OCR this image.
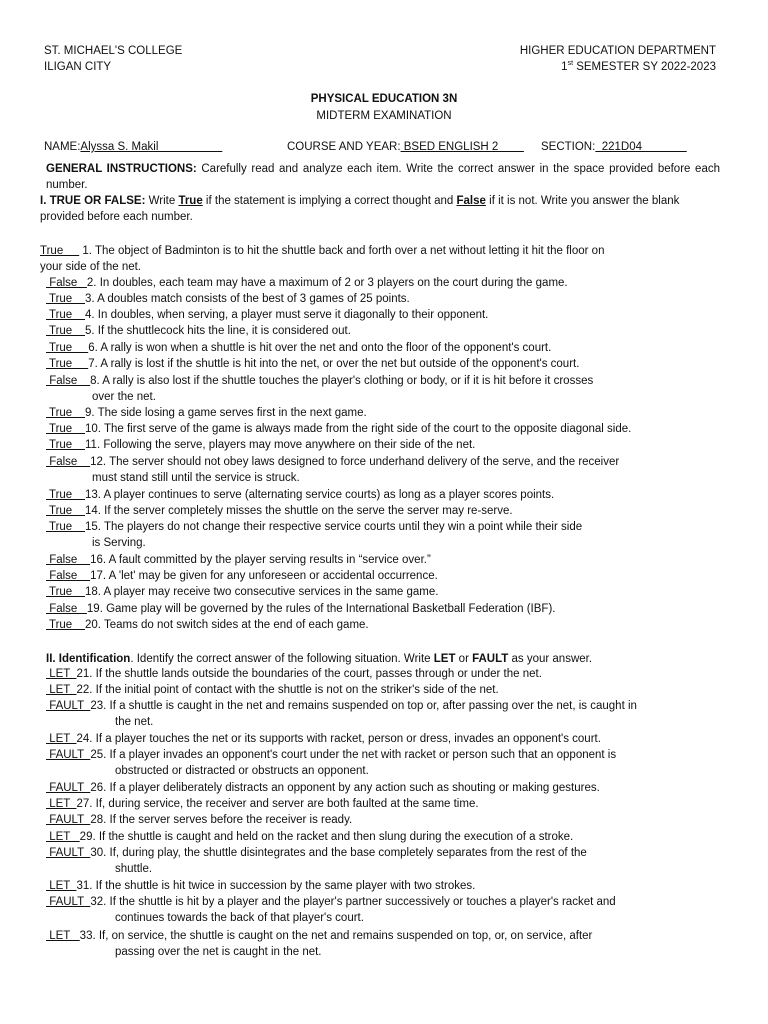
ST. MICHAEL'S COLLEGE
ILIGAN CITY
HIGHER EDUCATION DEPARTMENT
1st SEMESTER SY 2022-2023
PHYSICAL EDUCATION 3N
MIDTERM EXAMINATION
NAME:Alyssa S. Makil	COURSE AND YEAR: BSED ENGLISH 2 SECTION:  221D04
GENERAL INSTRUCTIONS: Carefully read and analyze each item. Write the correct answer in the space provided before each number.
I. TRUE OR FALSE: Write True if the statement is implying a correct thought and False if it is not. Write you answer the blank provided before each number.
True      1. The object of Badminton is to hit the shuttle back and forth over a net without letting it hit the floor on
your side of the net.
False   2. In doubles, each team may have a maximum of 2 or 3 players on the court during the game.
True    3. A doubles match consists of the best of 3 games of 25 points.
True    4. In doubles, when serving, a player must serve it diagonally to their opponent.
True    5. If the shuttlecock hits the line, it is considered out.
True     6. A rally is won when a shuttle is hit over the net and onto the floor of the opponent's court.
True     7. A rally is lost if the shuttle is hit into the net, or over the net but outside of the opponent's court.
False    8. A rally is also lost if the shuttle touches the player's clothing or body, or if it is hit before it crosses
over the net.
True    9. The side losing a game serves first in the next game.
True    10. The first serve of the game is always made from the right side of the court to the opposite diagonal side.
True    11. Following the serve, players may move anywhere on their side of the net.
False    12. The server should not obey laws designed to force underhand delivery of the serve, and the receiver
must stand still until the service is struck.
True    13. A player continues to serve (alternating service courts) as long as a player scores points.
True    14. If the server completely misses the shuttle on the serve the server may re-serve.
True    15. The players do not change their respective service courts until they win a point while their side
is Serving.
False    16. A fault committed by the player serving results in “service over.”
False    17. A 'let' may be given for any unforeseen or accidental occurrence.
True    18. A player may receive two consecutive services in the same game.
False   19. Game play will be governed by the rules of the International Basketball Federation (IBF).
True    20. Teams do not switch sides at the end of each game.
LET  21. If the shuttle lands outside the boundaries of the court, passes through or under the net.
LET  22. If the initial point of contact with the shuttle is not on the striker's side of the net.
FAULT  23. If a shuttle is caught in the net and remains suspended on top or, after passing over the net, is caught in
the net.
LET  24. If a player touches the net or its supports with racket, person or dress, invades an opponent's court.
FAULT  25. If a player invades an opponent's court under the net with racket or person such that an opponent is
obstructed or distracted or obstructs an opponent.
FAULT  26. If a player deliberately distracts an opponent by any action such as shouting or making gestures.
LET  27. If, during service, the receiver and server are both faulted at the same time.
FAULT  28. If the server serves before the receiver is ready.
LET   29. If the shuttle is caught and held on the racket and then slung during the execution of a stroke.
FAULT  30. If, during play, the shuttle disintegrates and the base completely separates from the rest of the
shuttle.
LET  31. If the shuttle is hit twice in succession by the same player with two strokes.
FAULT  32. If the shuttle is hit by a player and the player's partner successively or touches a player's racket and
continues towards the back of that player's court.
LET   33. If, on service, the shuttle is caught on the net and remains suspended on top, or, on service, after
passing over the net is caught in the net.
II. Identification. Identify the correct answer of the following situation. Write LET or FAULT as your answer.
